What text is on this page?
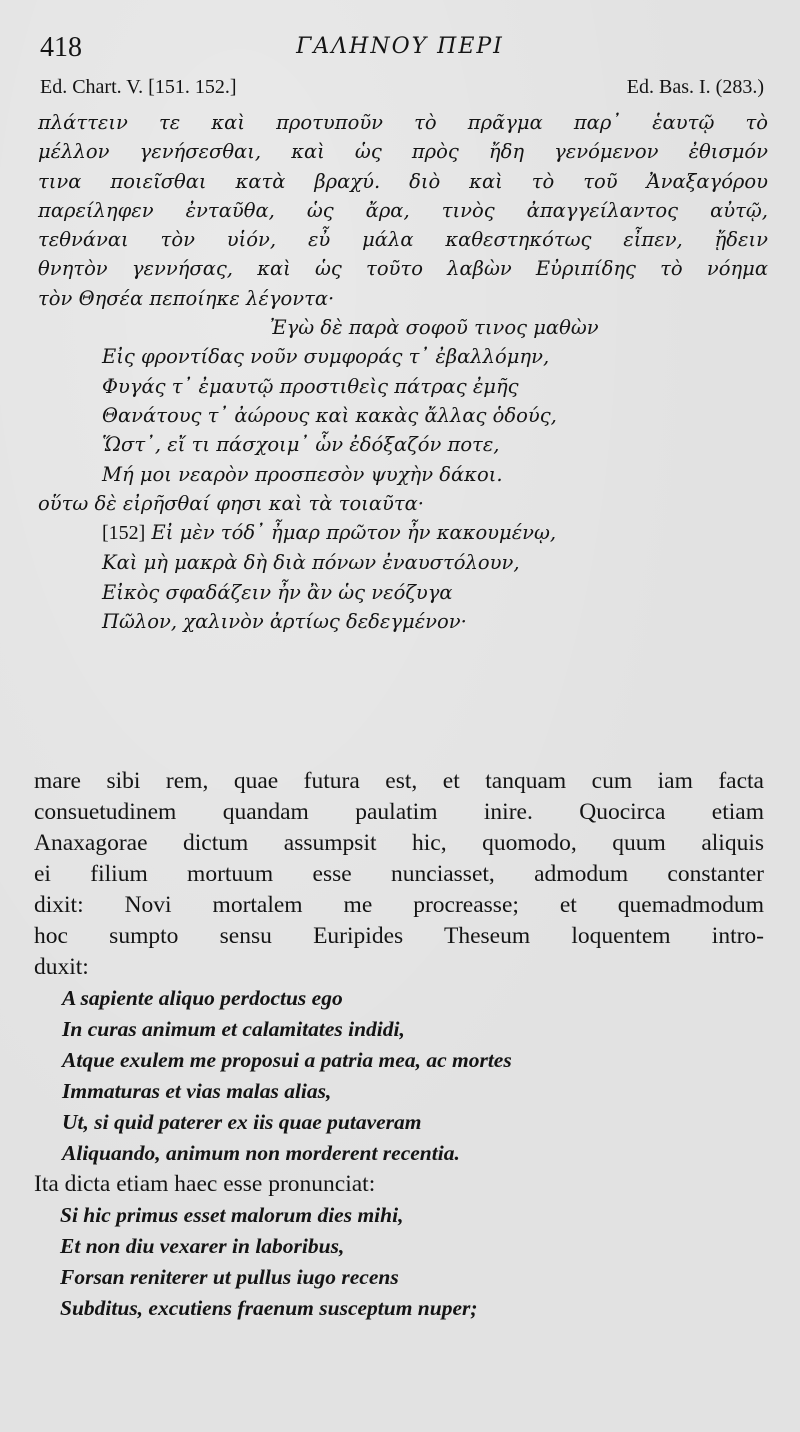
418	ΓΑΛΗΝΟΥ ΠΕΡΙ
Ed. Chart. V. [151. 152.]	Ed. Bas. I. (283.)
πλάττειν τε καὶ προτυποῦν τὸ πρᾶγμα παρ᾽ ἑαυτῷ τὸ
μέλλον γενήσεσθαι, καὶ ὡς πρὸς ἤδη γενόμενον ἐθισμόν
τινα ποιεῖσθαι κατὰ βραχύ. διὸ καὶ τὸ τοῦ Ἀναξαγόρου
παρείληφεν ἐνταῦθα, ὡς ἄρα, τινὸς ἀπαγγείλαντος αὐτῷ,
τεθνάναι τὸν υἱόν, εὖ μάλα καθεστηκότως εἶπεν, ᾔδειν
θνητὸν γεννήσας, καὶ ὡς τοῦτο λαβὼν Εὐριπίδης τὸ νόημα
τὸν Θησέα πεποίηκε λέγοντα·
Ἐγὼ δὲ παρὰ σοφοῦ τινος μαθὼν
Εἰς φροντίδας νοῦν συμφοράς τ᾽ ἐβαλλόμην,
Φυγάς τ᾽ ἐμαυτῷ προστιθεὶς πάτρας ἐμῆς
Θανάτους τ᾽ ἀώρους καὶ κακὰς ἄλλας ὁδούς,
Ὥστ᾽, εἴ τι πάσχοιμ᾽ ὧν ἐδόξαζόν ποτε,
Μή μοι νεαρὸν προσπεσὸν ψυχὴν δάκοι.
οὕτω δὲ εἰρῆσθαί φησι καὶ τὰ τοιαῦτα·
[152] Εἰ μὲν τόδ᾽ ἦμαρ πρῶτον ἦν κακουμένῳ,
Καὶ μὴ μακρὰ δὴ διὰ πόνων ἐναυστόλουν,
Εἰκὸς σφαδάζειν ἦν ἂν ὡς νεόζυγα
Πῶλον, χαλινὸν ἀρτίως δεδεγμένον·
mare sibi rem, quae futura est, et tanquam cum iam facta
consuetudinem quandam paulatim inire. Quocirca etiam
Anaxagorae dictum assumpsit hic, quomodo, quum aliquis
ei filium mortuum esse nunciasset, admodum constanter
dixit: Novi mortalem me procreasse; et quemadmodum
hoc sumpto sensu Euripides Theseum loquentem intro-
duxit:
A sapiente aliquo perdoctus ego
In curas animum et calamitates indidi,
Atque exulem me proposui a patria mea, ac mortes
Immaturas et vias malas alias,
Ut, si quid paterer ex iis quae putaveram
Aliquando, animum non morderent recentia.
Ita dicta etiam haec esse pronunciat:
Si hic primus esset malorum dies mihi,
Et non diu vexarer in laboribus,
Forsan reniterer ut pullus iugo recens
Subditus, excutiens fraenum susceptum nuper;
